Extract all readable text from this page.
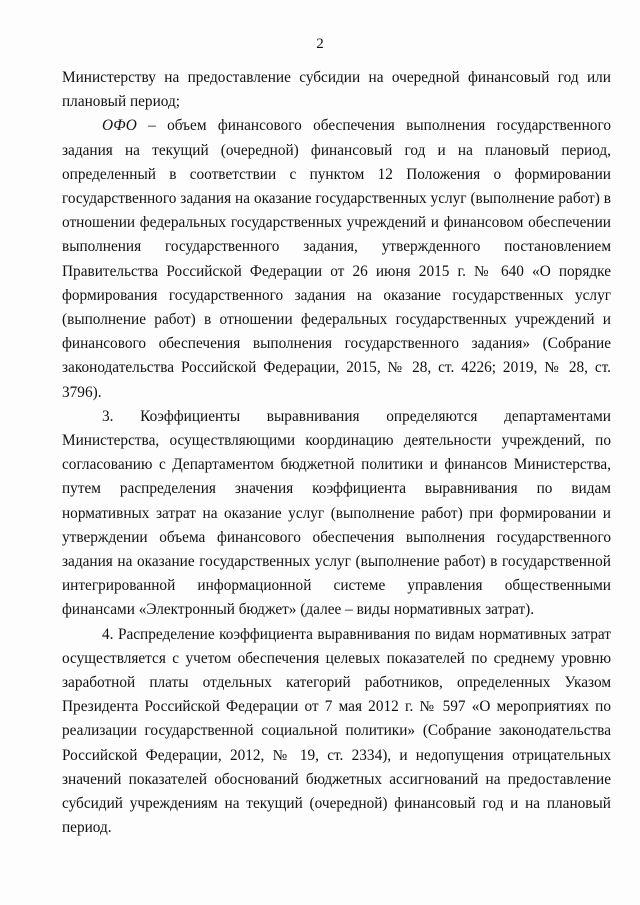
2

Министерству на предоставление субсидии на очередной финансовый год или плановый период;

ОФО – объем финансового обеспечения выполнения государственного задания на текущий (очередной) финансовый год и на плановый период, определенный в соответствии с пунктом 12 Положения о формировании государственного задания на оказание государственных услуг (выполнение работ) в отношении федеральных государственных учреждений и финансовом обеспечении выполнения государственного задания, утвержденного постановлением Правительства Российской Федерации от 26 июня 2015 г. № 640 «О порядке формирования государственного задания на оказание государственных услуг (выполнение работ) в отношении федеральных государственных учреждений и финансового обеспечения выполнения государственного задания» (Собрание законодательства Российской Федерации, 2015, № 28, ст. 4226; 2019, № 28, ст. 3796).

3. Коэффициенты выравнивания определяются департаментами Министерства, осуществляющими координацию деятельности учреждений, по согласованию с Департаментом бюджетной политики и финансов Министерства, путем распределения значения коэффициента выравнивания по видам нормативных затрат на оказание услуг (выполнение работ) при формировании и утверждении объема финансового обеспечения выполнения государственного задания на оказание государственных услуг (выполнение работ) в государственной интегрированной информационной системе управления общественными финансами «Электронный бюджет» (далее – виды нормативных затрат).

4. Распределение коэффициента выравнивания по видам нормативных затрат осуществляется с учетом обеспечения целевых показателей по среднему уровню заработной платы отдельных категорий работников, определенных Указом Президента Российской Федерации от 7 мая 2012 г. № 597 «О мероприятиях по реализации государственной социальной политики» (Собрание законодательства Российской Федерации, 2012, № 19, ст. 2334), и недопущения отрицательных значений показателей обоснований бюджетных ассигнований на предоставление субсидий учреждениям на текущий (очередной) финансовый год и на плановый период.
